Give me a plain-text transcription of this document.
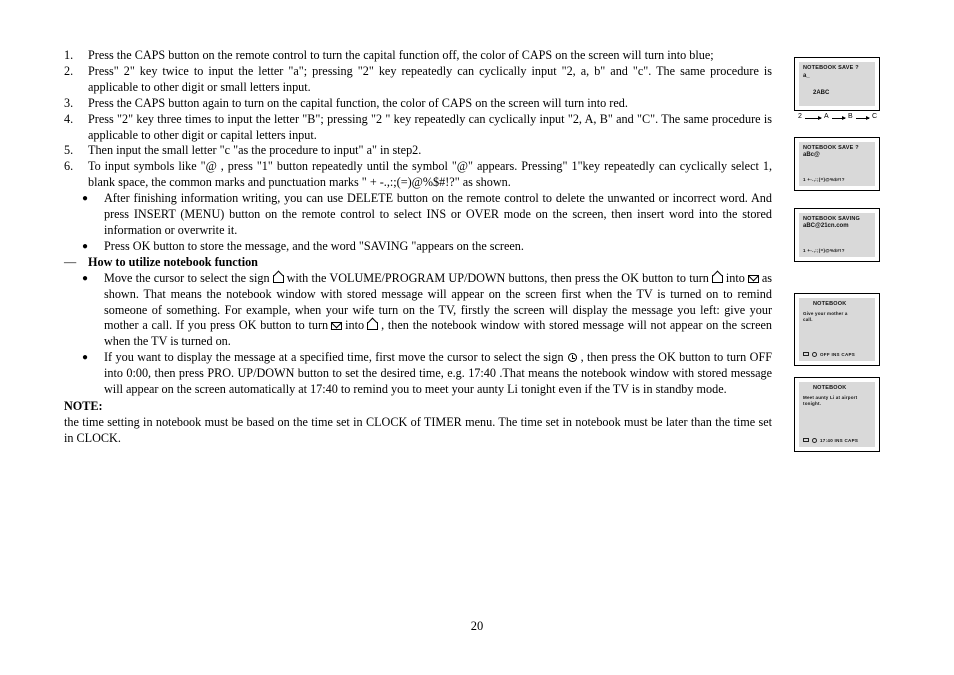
1.	Press the CAPS button on the remote control to turn the capital function off, the color of CAPS on the screen will turn into blue;
2.	Press" 2" key twice to input the letter "a"; pressing "2" key repeatedly can cyclically input "2, a, b" and "c". The same procedure is applicable to other digit or small letters input.
3.	Press the CAPS button again to turn on the capital function, the color of CAPS on the screen will turn into red.
4.	Press "2" key three times to input the letter "B"; pressing "2 " key repeatedly can cyclically input "2, A, B" and "C". The same procedure is applicable to other digit or capital letters input.
5.	Then input the small letter "c "as the procedure to input" a" in step2.
6.	To input symbols like "@ , press "1" button repeatedly until the symbol "@" appears. Pressing" 1"key repeatedly can cyclically select 1, blank space, the common marks and punctuation marks " + -.,:;(=)@%$#!?" as shown.
●	After finishing information writing, you can use DELETE button on the remote control to delete the unwanted or incorrect word. And press INSERT (MENU) button on the remote control to select INS or OVER mode on the screen, then insert word into the stored information or overwrite it.
●	Press OK button to store the message, and the word "SAVING "appears on the screen.
— How to utilize notebook function
●	Move the cursor to select the sign with the VOLUME/PROGRAM UP/DOWN buttons, then press the OK button to turn into as shown. That means the notebook window with stored message will appear on the screen first when the TV is turned on to remind someone of something. For example, when your wife turn on the TV, firstly the screen will display the message you left: give your mother a call. If you press OK button to turn into , then the notebook window with stored message will not appear on the screen when the TV is turned on.
●	If you want to display the message at a specified time, first move the cursor to select the sign , then press the OK button to turn OFF into 0:00, then press PRO. UP/DOWN button to set the desired time, e.g. 17:40 .That means the notebook window with stored message will appear on the screen automatically at 17:40 to remind you to meet your aunty Li tonight even if the TV is in standby mode.
NOTE:
the time setting in notebook must be based on the time set in CLOCK of TIMER menu. The time set in notebook must be later than the time set in CLOCK.
NOTEBOOK SAVE ?
a_
2ABC
2	A	B	C
NOTEBOOK SAVE ?
aBc@
1 +-.,:;(=)@%$#!?
NOTEBOOK SAVING
aBC@21cn.com
1 +-.,:;(=)@%$#!?
NOTEBOOK
Give your mother a
call.
OFF INS CAPS
NOTEBOOK
Meet aunty Li at airport
tonight.
17:40 INS CAPS
20
